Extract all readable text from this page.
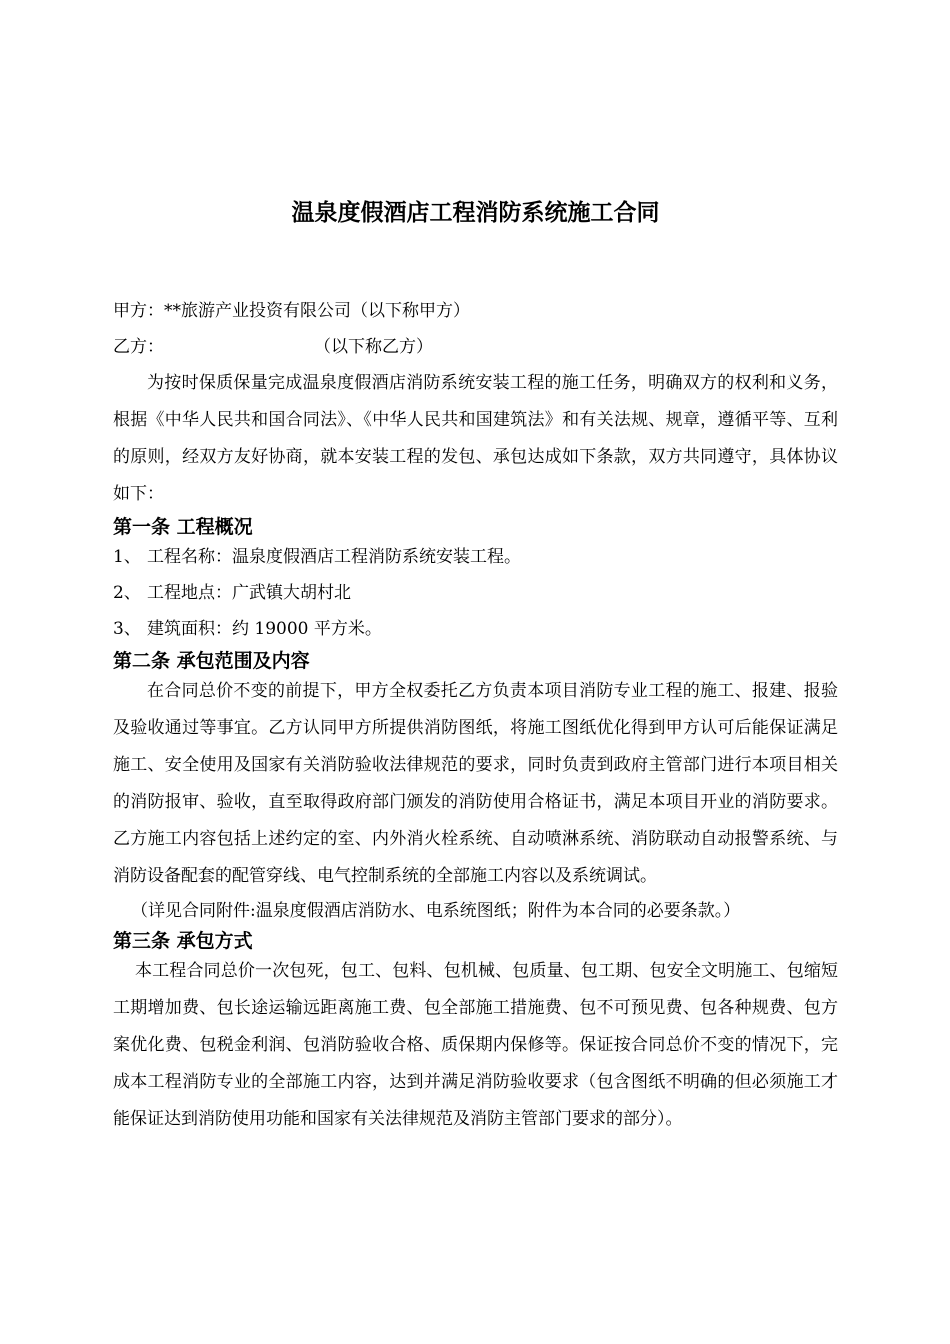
温泉度假酒店工程消防系统施工合同
甲方：**旅游产业投资有限公司（以下称甲方）
乙方：	（以下称乙方）
为按时保质保量完成温泉度假酒店消防系统安装工程的施工任务，明确双方的权利和义务，根据《中华人民共和国合同法》、《中华人民共和国建筑法》和有关法规、规章，遵循平等、互利的原则，经双方友好协商，就本安装工程的发包、承包达成如下条款，双方共同遵守，具体协议如下：
第一条 工程概况
1、 工程名称：温泉度假酒店工程消防系统安装工程。
2、 工程地点：广武镇大胡村北
3、 建筑面积：约 19000 平方米。
第二条 承包范围及内容
在合同总价不变的前提下，甲方全权委托乙方负责本项目消防专业工程的施工、报建、报验及验收通过等事宜。乙方认同甲方所提供消防图纸，将施工图纸优化得到甲方认可后能保证满足施工、安全使用及国家有关消防验收法律规范的要求，同时负责到政府主管部门进行本项目相关的消防报审、验收，直至取得政府部门颁发的消防使用合格证书，满足本项目开业的消防要求。乙方施工内容包括上述约定的室、内外消火栓系统、自动喷淋系统、消防联动自动报警系统、与消防设备配套的配管穿线、电气控制系统的全部施工内容以及系统调试。
（详见合同附件:温泉度假酒店消防水、电系统图纸；附件为本合同的必要条款。）
第三条 承包方式
本工程合同总价一次包死，包工、包料、包机械、包质量、包工期、包安全文明施工、包缩短工期增加费、包长途运输远距离施工费、包全部施工措施费、包不可预见费、包各种规费、包方案优化费、包税金利润、包消防验收合格、质保期内保修等。保证按合同总价不变的情况下，完成本工程消防专业的全部施工内容，达到并满足消防验收要求（包含图纸不明确的但必须施工才能保证达到消防使用功能和国家有关法律规范及消防主管部门要求的部分）。
